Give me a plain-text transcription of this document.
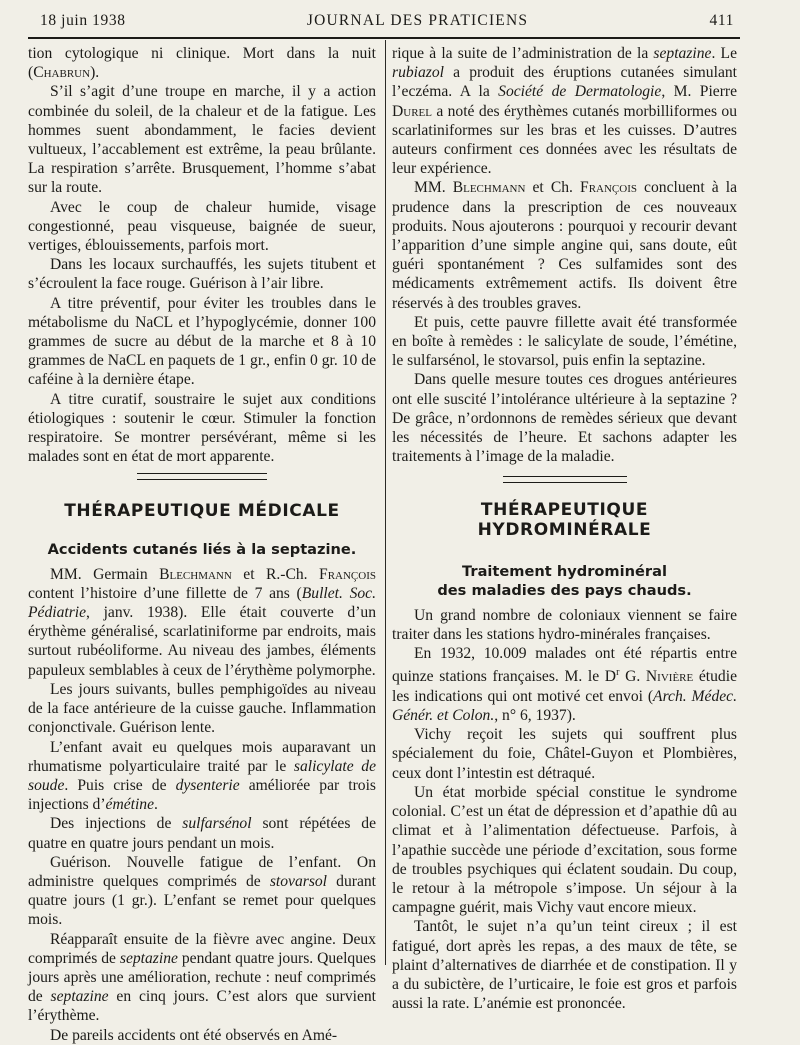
18 juin 1938	JOURNAL DES PRATICIENS	411

tion cytologique ni clinique. Mort dans la nuit (Chabrun).

S’il s’agit d’une troupe en marche, il y a action combinée du soleil, de la chaleur et de la fatigue. Les hommes suent abondamment, le facies devient vultueux, l’accablement est extrême, la peau brûlante. La respiration s’arrête. Brusquement, l’homme s’abat sur la route.

Avec le coup de chaleur humide, visage congestionné, peau visqueuse, baignée de sueur, vertiges, éblouissements, parfois mort.

Dans les locaux surchauffés, les sujets titubent et s’écroulent la face rouge. Guérison à l’air libre.

A titre préventif, pour éviter les troubles dans le métabolisme du NaCL et l’hypoglycémie, donner 100 grammes de sucre au début de la marche et 8 à 10 grammes de NaCL en paquets de 1 gr., enfin 0 gr. 10 de caféine à la dernière étape.

A titre curatif, soustraire le sujet aux conditions étiologiques : soutenir le cœur. Stimuler la fonction respiratoire. Se montrer persévérant, même si les malades sont en état de mort apparente.

THÉRAPEUTIQUE MÉDICALE
Accidents cutanés liés à la septazine.

MM. Germain Blechmann et R.-Ch. François content l’histoire d’une fillette de 7 ans (Bullet. Soc. Pédiatrie, janv. 1938). Elle était couverte d’un érythème généralisé, scarlatiniforme par endroits, mais surtout rubéoliforme. Au niveau des jambes, éléments papuleux semblables à ceux de l’érythème polymorphe.

Les jours suivants, bulles pemphigoïdes au niveau de la face antérieure de la cuisse gauche. Inflammation conjonctivale. Guérison lente.

L’enfant avait eu quelques mois auparavant un rhumatisme polyarticulaire traité par le salicylate de soude. Puis crise de dysenterie améliorée par trois injections d’émétine.

Des injections de sulfarsénol sont répétées de quatre en quatre jours pendant un mois.

Guérison. Nouvelle fatigue de l’enfant. On administre quelques comprimés de stovarsol durant quatre jours (1 gr.). L’enfant se remet pour quelques mois.

Réapparaît ensuite de la fièvre avec angine. Deux comprimés de septazine pendant quatre jours. Quelques jours après une amélioration, rechute : neuf comprimés de septazine en cinq jours. C’est alors que survient l’érythème.

De pareils accidents ont été observés en Amé-

rique à la suite de l’administration de la septazine. Le rubiazol a produit des éruptions cutanées simulant l’eczéma. A la Société de Dermatologie, M. Pierre Durel a noté des érythèmes cutanés morbilliformes ou scarlatiniformes sur les bras et les cuisses. D’autres auteurs confirment ces données avec les résultats de leur expérience.

MM. Blechmann et Ch. François concluent à la prudence dans la prescription de ces nouveaux produits. Nous ajouterons : pourquoi y recourir devant l’apparition d’une simple angine qui, sans doute, eût guéri spontanément ? Ces sulfamides sont des médicaments extrêmement actifs. Ils doivent être réservés à des troubles graves.

Et puis, cette pauvre fillette avait été transformée en boîte à remèdes : le salicylate de soude, l’émétine, le sulfarsénol, le stovarsol, puis enfin la septazine.

Dans quelle mesure toutes ces drogues antérieures ont elle suscité l’intolérance ultérieure à la septazine ? De grâce, n’ordonnons de remèdes sérieux que devant les nécessités de l’heure. Et sachons adapter les traitements à l’image de la maladie.

THÉRAPEUTIQUE HYDROMINÉRALE
Traitement hydrominéral
des maladies des pays chauds.

Un grand nombre de coloniaux viennent se faire traiter dans les stations hydro-minérales françaises.

En 1932, 10.009 malades ont été répartis entre quinze stations françaises. M. le $D^r$ G. Nivière étudie les indications qui ont motivé cet envoi (Arch. Médec. Génér. et Colon., n° 6, 1937).

Vichy reçoit les sujets qui souffrent plus spécialement du foie, Châtel-Guyon et Plombières, ceux dont l’intestin est détraqué.

Un état morbide spécial constitue le syndrome colonial. C’est un état de dépression et d’apathie dû au climat et à l’alimentation défectueuse. Parfois, à l’apathie succède une période d’excitation, sous forme de troubles psychiques qui éclatent soudain. Du coup, le retour à la métropole s’impose. Un séjour à la campagne guérit, mais Vichy vaut encore mieux.

Tantôt, le sujet n’a qu’un teint cireux ; il est fatigué, dort après les repas, a des maux de tête, se plaint d’alternatives de diarrhée et de constipation. Il y a du subictère, de l’urticaire, le foie est gros et parfois aussi la rate. L’anémie est prononcée.
